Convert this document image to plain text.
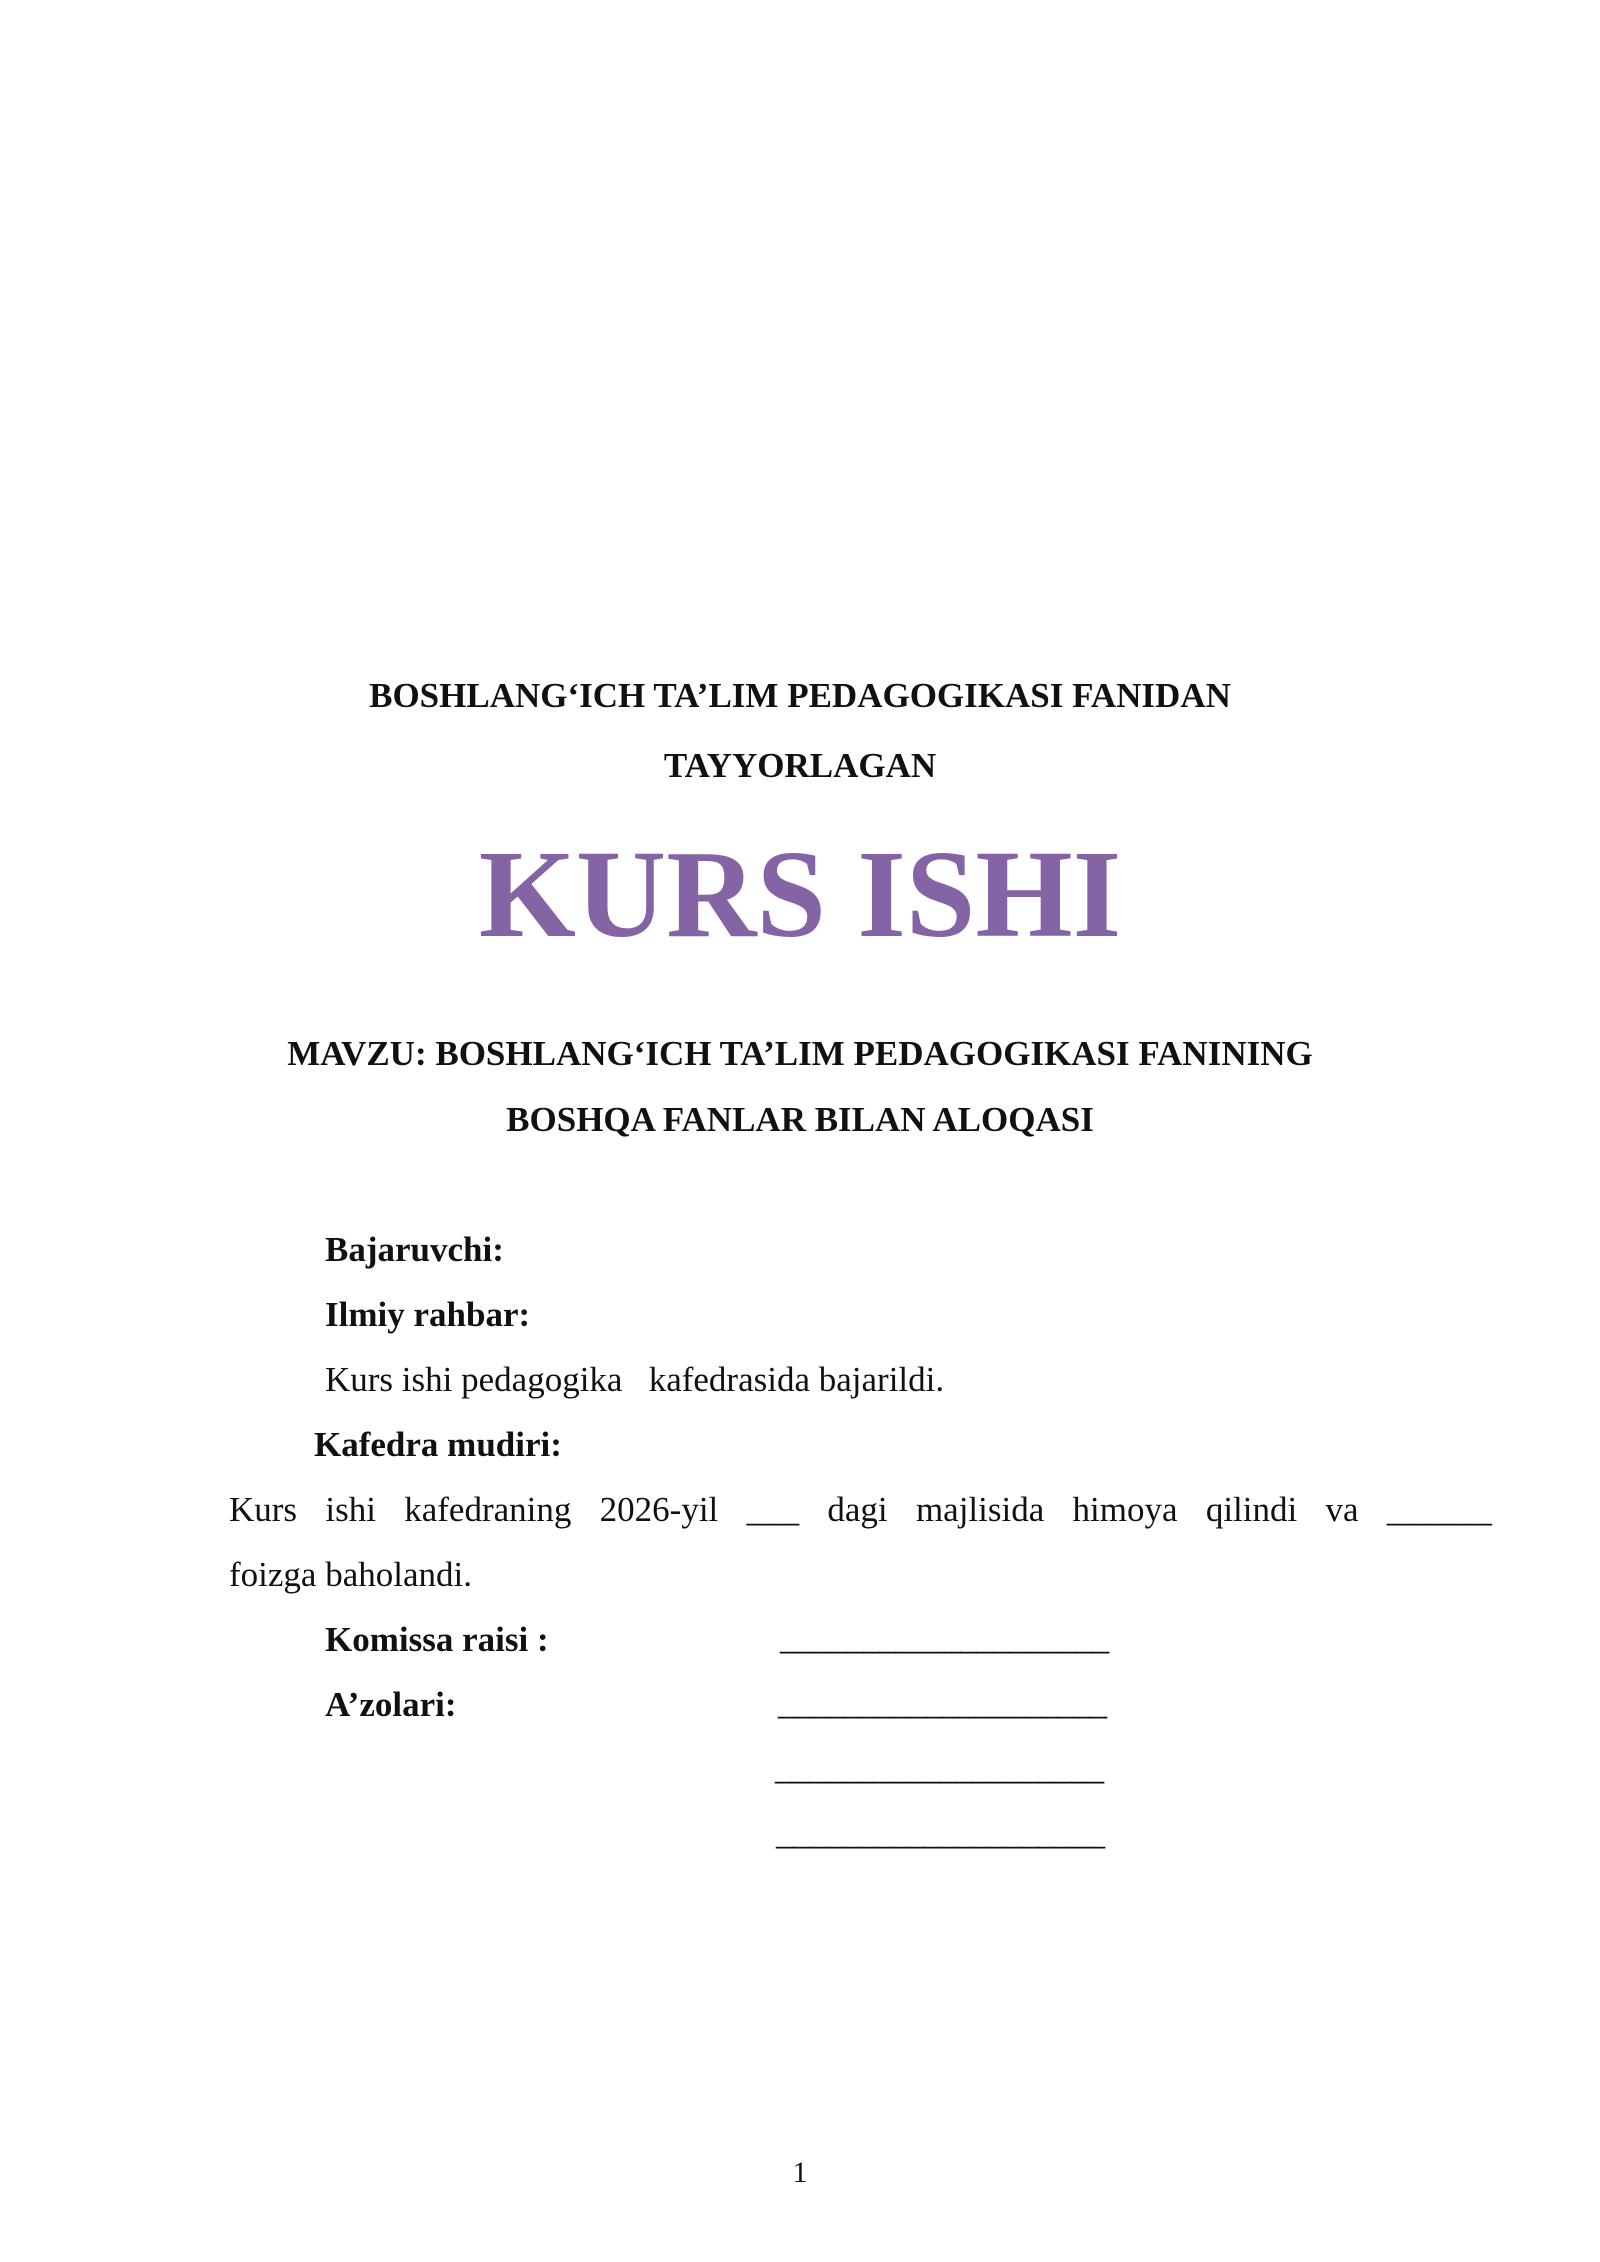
BOSHLANG‘ICH TA’LIM PEDAGOGIKASI FANIDAN
TAYYORLAGAN
KURS ISHI
MAVZU: BOSHLANG‘ICH TA’LIM PEDAGOGIKASI FANINING
BOSHQA FANLAR BILAN ALOQASI
Bajaruvchi:
Ilmiy rahbar:
Kurs ishi pedagogika   kafedrasida bajarildi.
Kafedra mudiri:
Kurs ishi kafedraning 2026-yil ___ dagi majlisida himoya qilindi va ______
foizga baholandi.
Komissa raisi :	____________________
A’zolari:	____________________
____________________
____________________
1
